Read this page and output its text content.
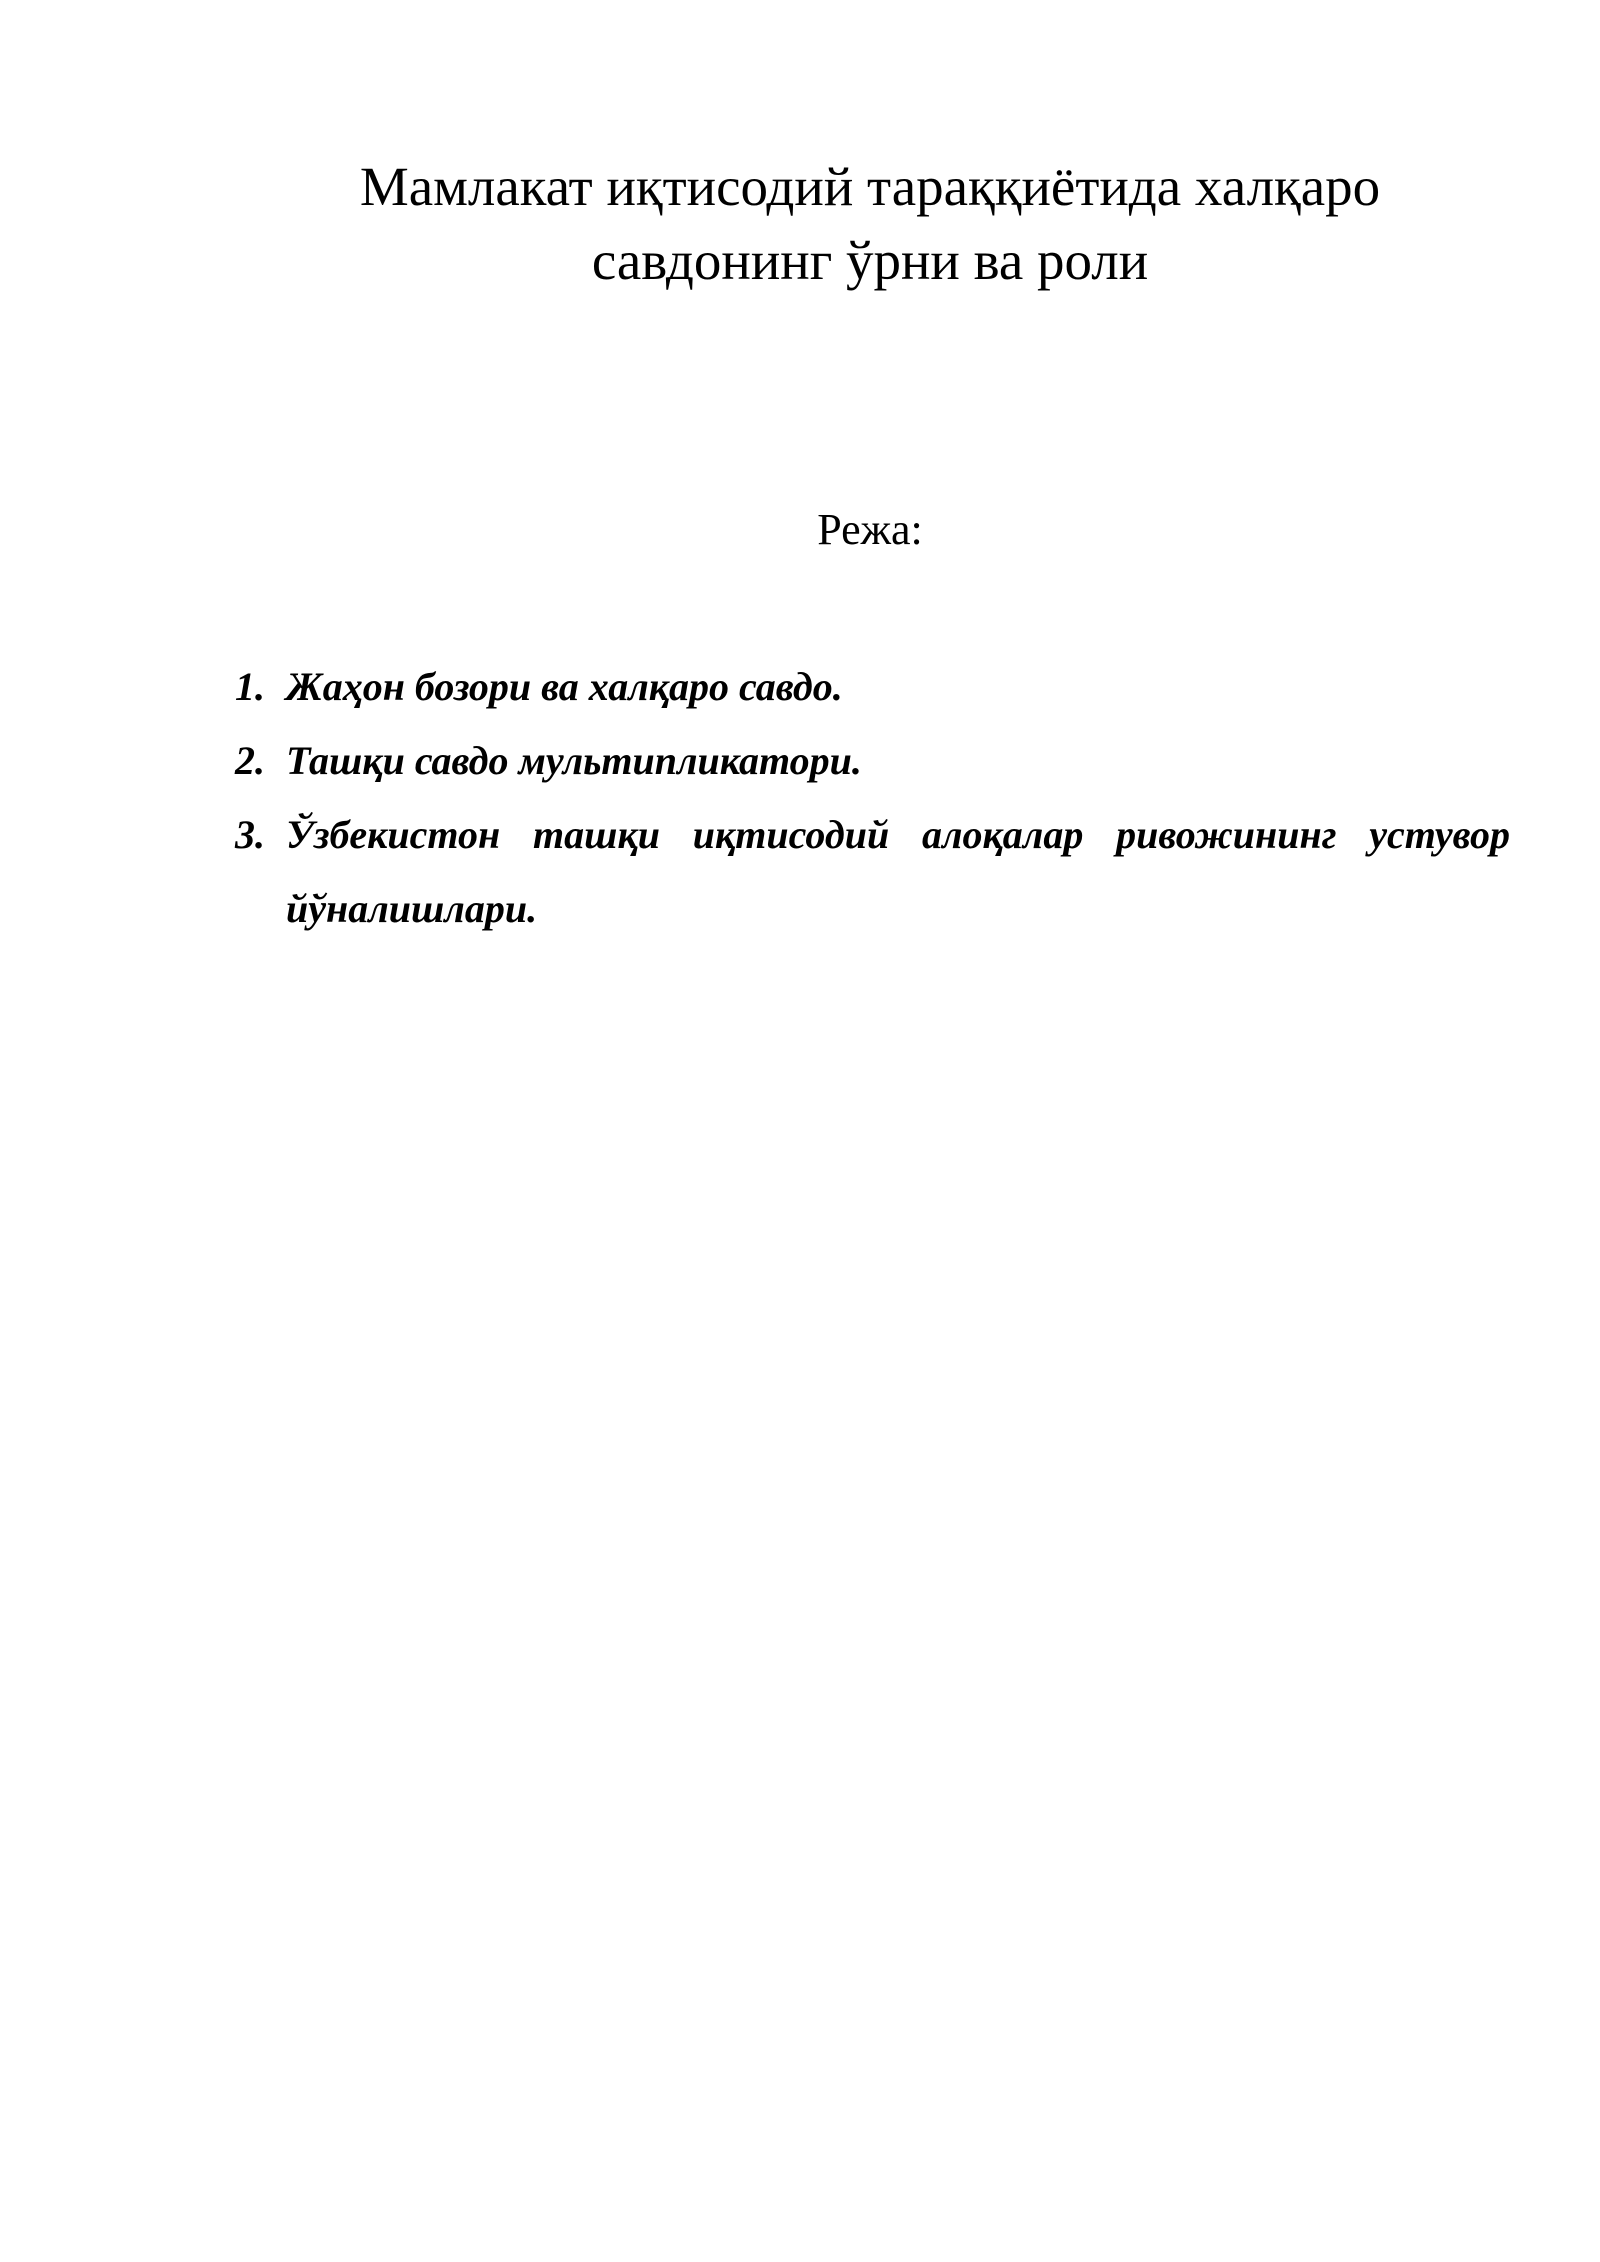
Мамлакат иқтисодий тараққиётида халқаро
савдонинг ўрни ва роли
Режа:
1. Жаҳон бозори ва халқаро савдо.
2. Ташқи савдо мультипликатори.
3. Ўзбекистон ташқи иқтисодий алоқалар ривожининг устувор йўналишлари.
